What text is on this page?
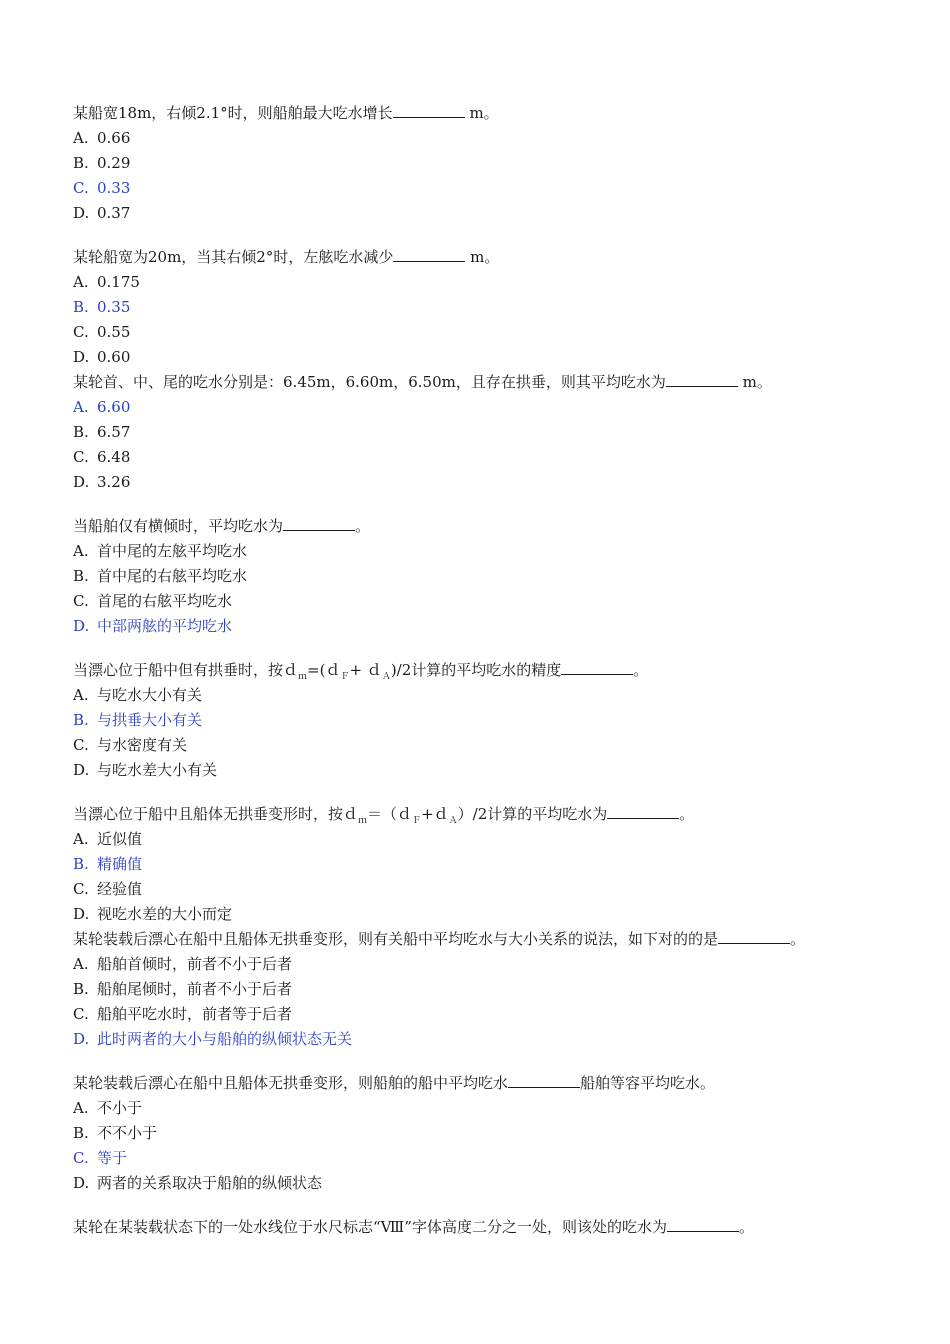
某船宽18m，右倾2.1°时，则船舶最大吃水增长	m。
A. 0.66
B. 0.29
C. 0.33
D. 0.37
某轮船宽为20m，当其右倾2°时，左舷吃水减少	m。
A. 0.175
B. 0.35
C. 0.55
D. 0.60
某轮首、中、尾的吃水分别是：6.45m，6.60m，6.50m，且存在拱垂，则其平均吃水为	m。
A. 6.60
B. 6.57
C. 6.48
D. 3.26
当船舶仅有横倾时，平均吃水为	。
A. 首中尾的左舷平均吃水
B. 首中尾的右舷平均吃水
C. 首尾的右舷平均吃水
D. 中部两舷的平均吃水
当漂心位于船中但有拱垂时，按ｄ$_m$=(ｄ$_F$+ ｄ$_A$)/2计算的平均吃水的精度	。
A. 与吃水大小有关
B. 与拱垂大小有关
C. 与水密度有关
D. 与吃水差大小有关
当漂心位于船中且船体无拱垂变形时，按ｄ$_m$＝（ｄ$_F$+ｄ$_A$）/2计算的平均吃水为	。
A. 近似值
B. 精确值
C. 经验值
D. 视吃水差的大小而定
某轮装载后漂心在船中且船体无拱垂变形，则有关船中平均吃水与大小关系的说法，如下对的的是	。
A. 船舶首倾时，前者不小于后者
B. 船舶尾倾时，前者不小于后者
C. 船舶平吃水时，前者等于后者
D. 此时两者的大小与船舶的纵倾状态无关
某轮装载后漂心在船中且船体无拱垂变形，则船舶的船中平均吃水	船舶等容平均吃水。
A. 不小于
B. 不不小于
C. 等于
D. 两者的关系取决于船舶的纵倾状态
某轮在某装载状态下的一处水线位于水尺标志“Ⅷ”字体高度二分之一处，则该处的吃水为	。
